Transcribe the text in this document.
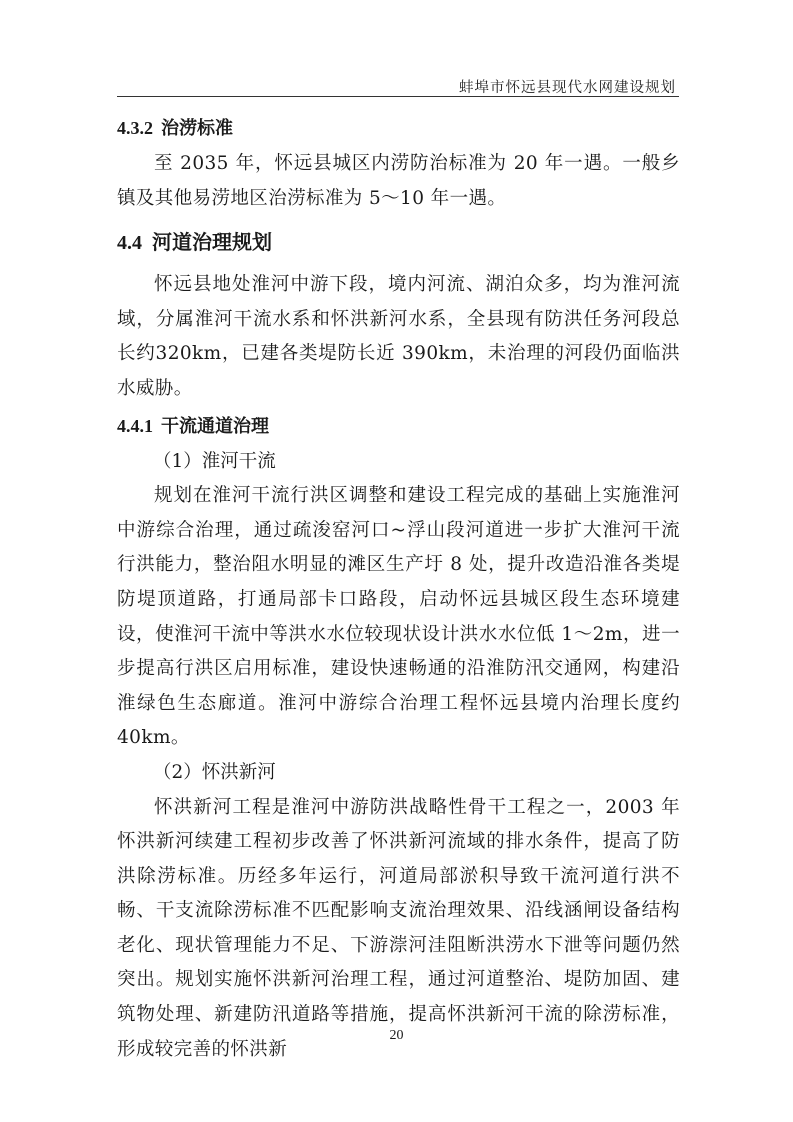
蚌埠市怀远县现代水网建设规划
4.3.2 治涝标准

至 2035 年，怀远县城区内涝防治标准为 20 年一遇。一般乡镇及其他易涝地区治涝标准为 5～10 年一遇。

4.4 河道治理规划

怀远县地处淮河中游下段，境内河流、湖泊众多，均为淮河流域，分属淮河干流水系和怀洪新河水系，全县现有防洪任务河段总长约320km，已建各类堤防长近 390km，未治理的河段仍面临洪水威胁。

4.4.1 干流通道治理

（1）淮河干流

规划在淮河干流行洪区调整和建设工程完成的基础上实施淮河中游综合治理，通过疏浚窑河口~浮山段河道进一步扩大淮河干流行洪能力，整治阻水明显的滩区生产圩 8 处，提升改造沿淮各类堤防堤顶道路，打通局部卡口路段，启动怀远县城区段生态环境建设，使淮河干流中等洪水水位较现状设计洪水水位低 1～2m，进一步提高行洪区启用标准，建设快速畅通的沿淮防汛交通网，构建沿淮绿色生态廊道。淮河中游综合治理工程怀远县境内治理长度约 40km。

（2）怀洪新河

怀洪新河工程是淮河中游防洪战略性骨干工程之一，2003 年怀洪新河续建工程初步改善了怀洪新河流域的排水条件，提高了防洪除涝标准。历经多年运行，河道局部淤积导致干流河道行洪不畅、干支流除涝标准不匹配影响支流治理效果、沿线涵闸设备结构老化、现状管理能力不足、下游漴河洼阻断洪涝水下泄等问题仍然突出。规划实施怀洪新河治理工程，通过河道整治、堤防加固、建筑物处理、新建防汛道路等措施，提高怀洪新河干流的除涝标准，形成较完善的怀洪新

20
